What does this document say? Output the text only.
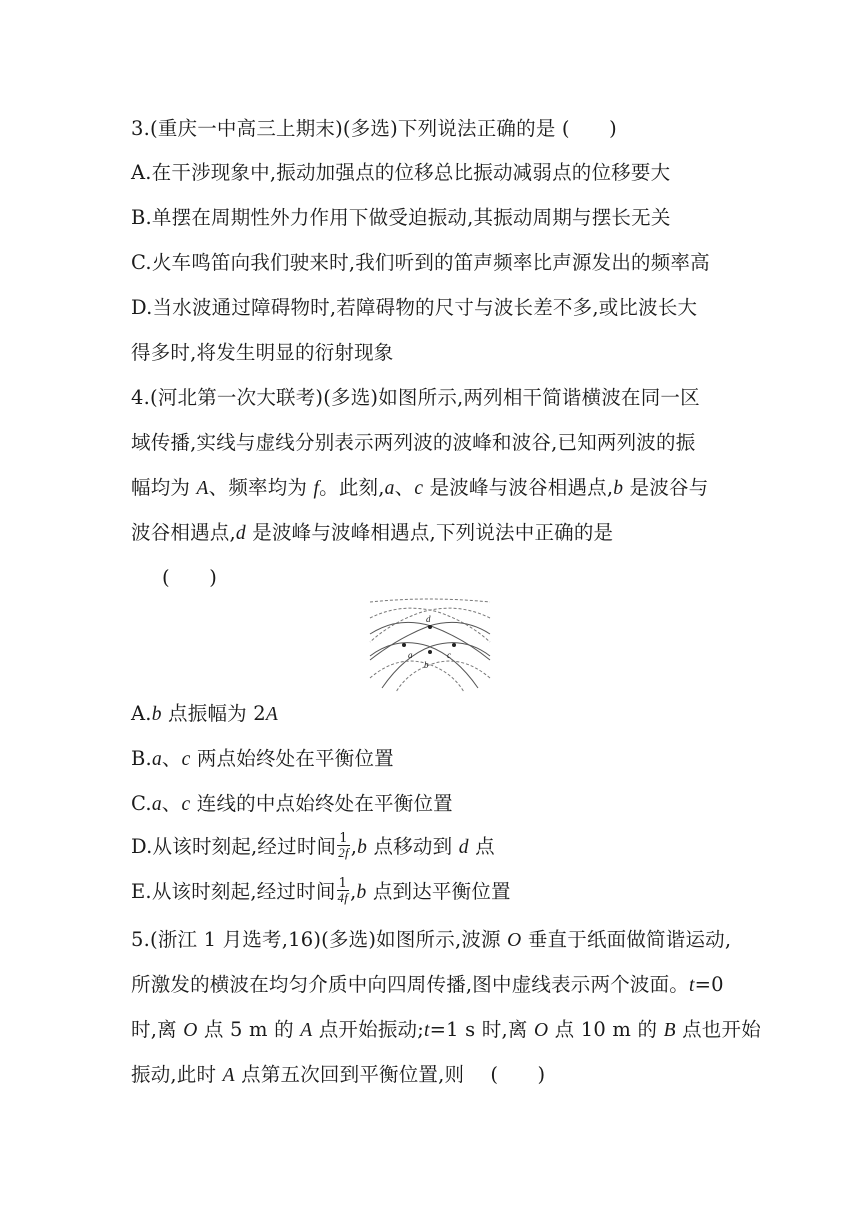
3.(重庆一中高三上期末)(多选)下列说法正确的是 (　　)
A.在干涉现象中,振动加强点的位移总比振动减弱点的位移要大
B.单摆在周期性外力作用下做受迫振动,其振动周期与摆长无关
C.火车鸣笛向我们驶来时,我们听到的笛声频率比声源发出的频率高
D.当水波通过障碍物时,若障碍物的尺寸与波长差不多,或比波长大
得多时,将发生明显的衍射现象
4.(河北第一次大联考)(多选)如图所示,两列相干简谐横波在同一区
域传播,实线与虚线分别表示两列波的波峰和波谷,已知两列波的振
幅均为 A、频率均为 f。此刻,a、c 是波峰与波谷相遇点,b 是波谷与
波谷相遇点,d 是波峰与波峰相遇点,下列说法中正确的是
(　　)
d
a
b
c
A.b 点振幅为 2A
B.a、c 两点始终处在平衡位置
C.a、c 连线的中点始终处在平衡位置
D.从该时刻起,经过时间 $\frac{1}{2f} ,b$ 点移动到 d 点
E.从该时刻起,经过时间 $\frac{1}{4f} ,b$ 点到达平衡位置
5.(浙江 1 月选考,16)(多选)如图所示,波源 O 垂直于纸面做简谐运动,
所激发的横波在均匀介质中向四周传播,图中虚线表示两个波面。t=0
时,离 O 点 5 m 的 A 点开始振动;t=1 s 时,离 O 点 10 m 的 B 点也开始
振动,此时 A 点第五次回到平衡位置,则 　(　　)
